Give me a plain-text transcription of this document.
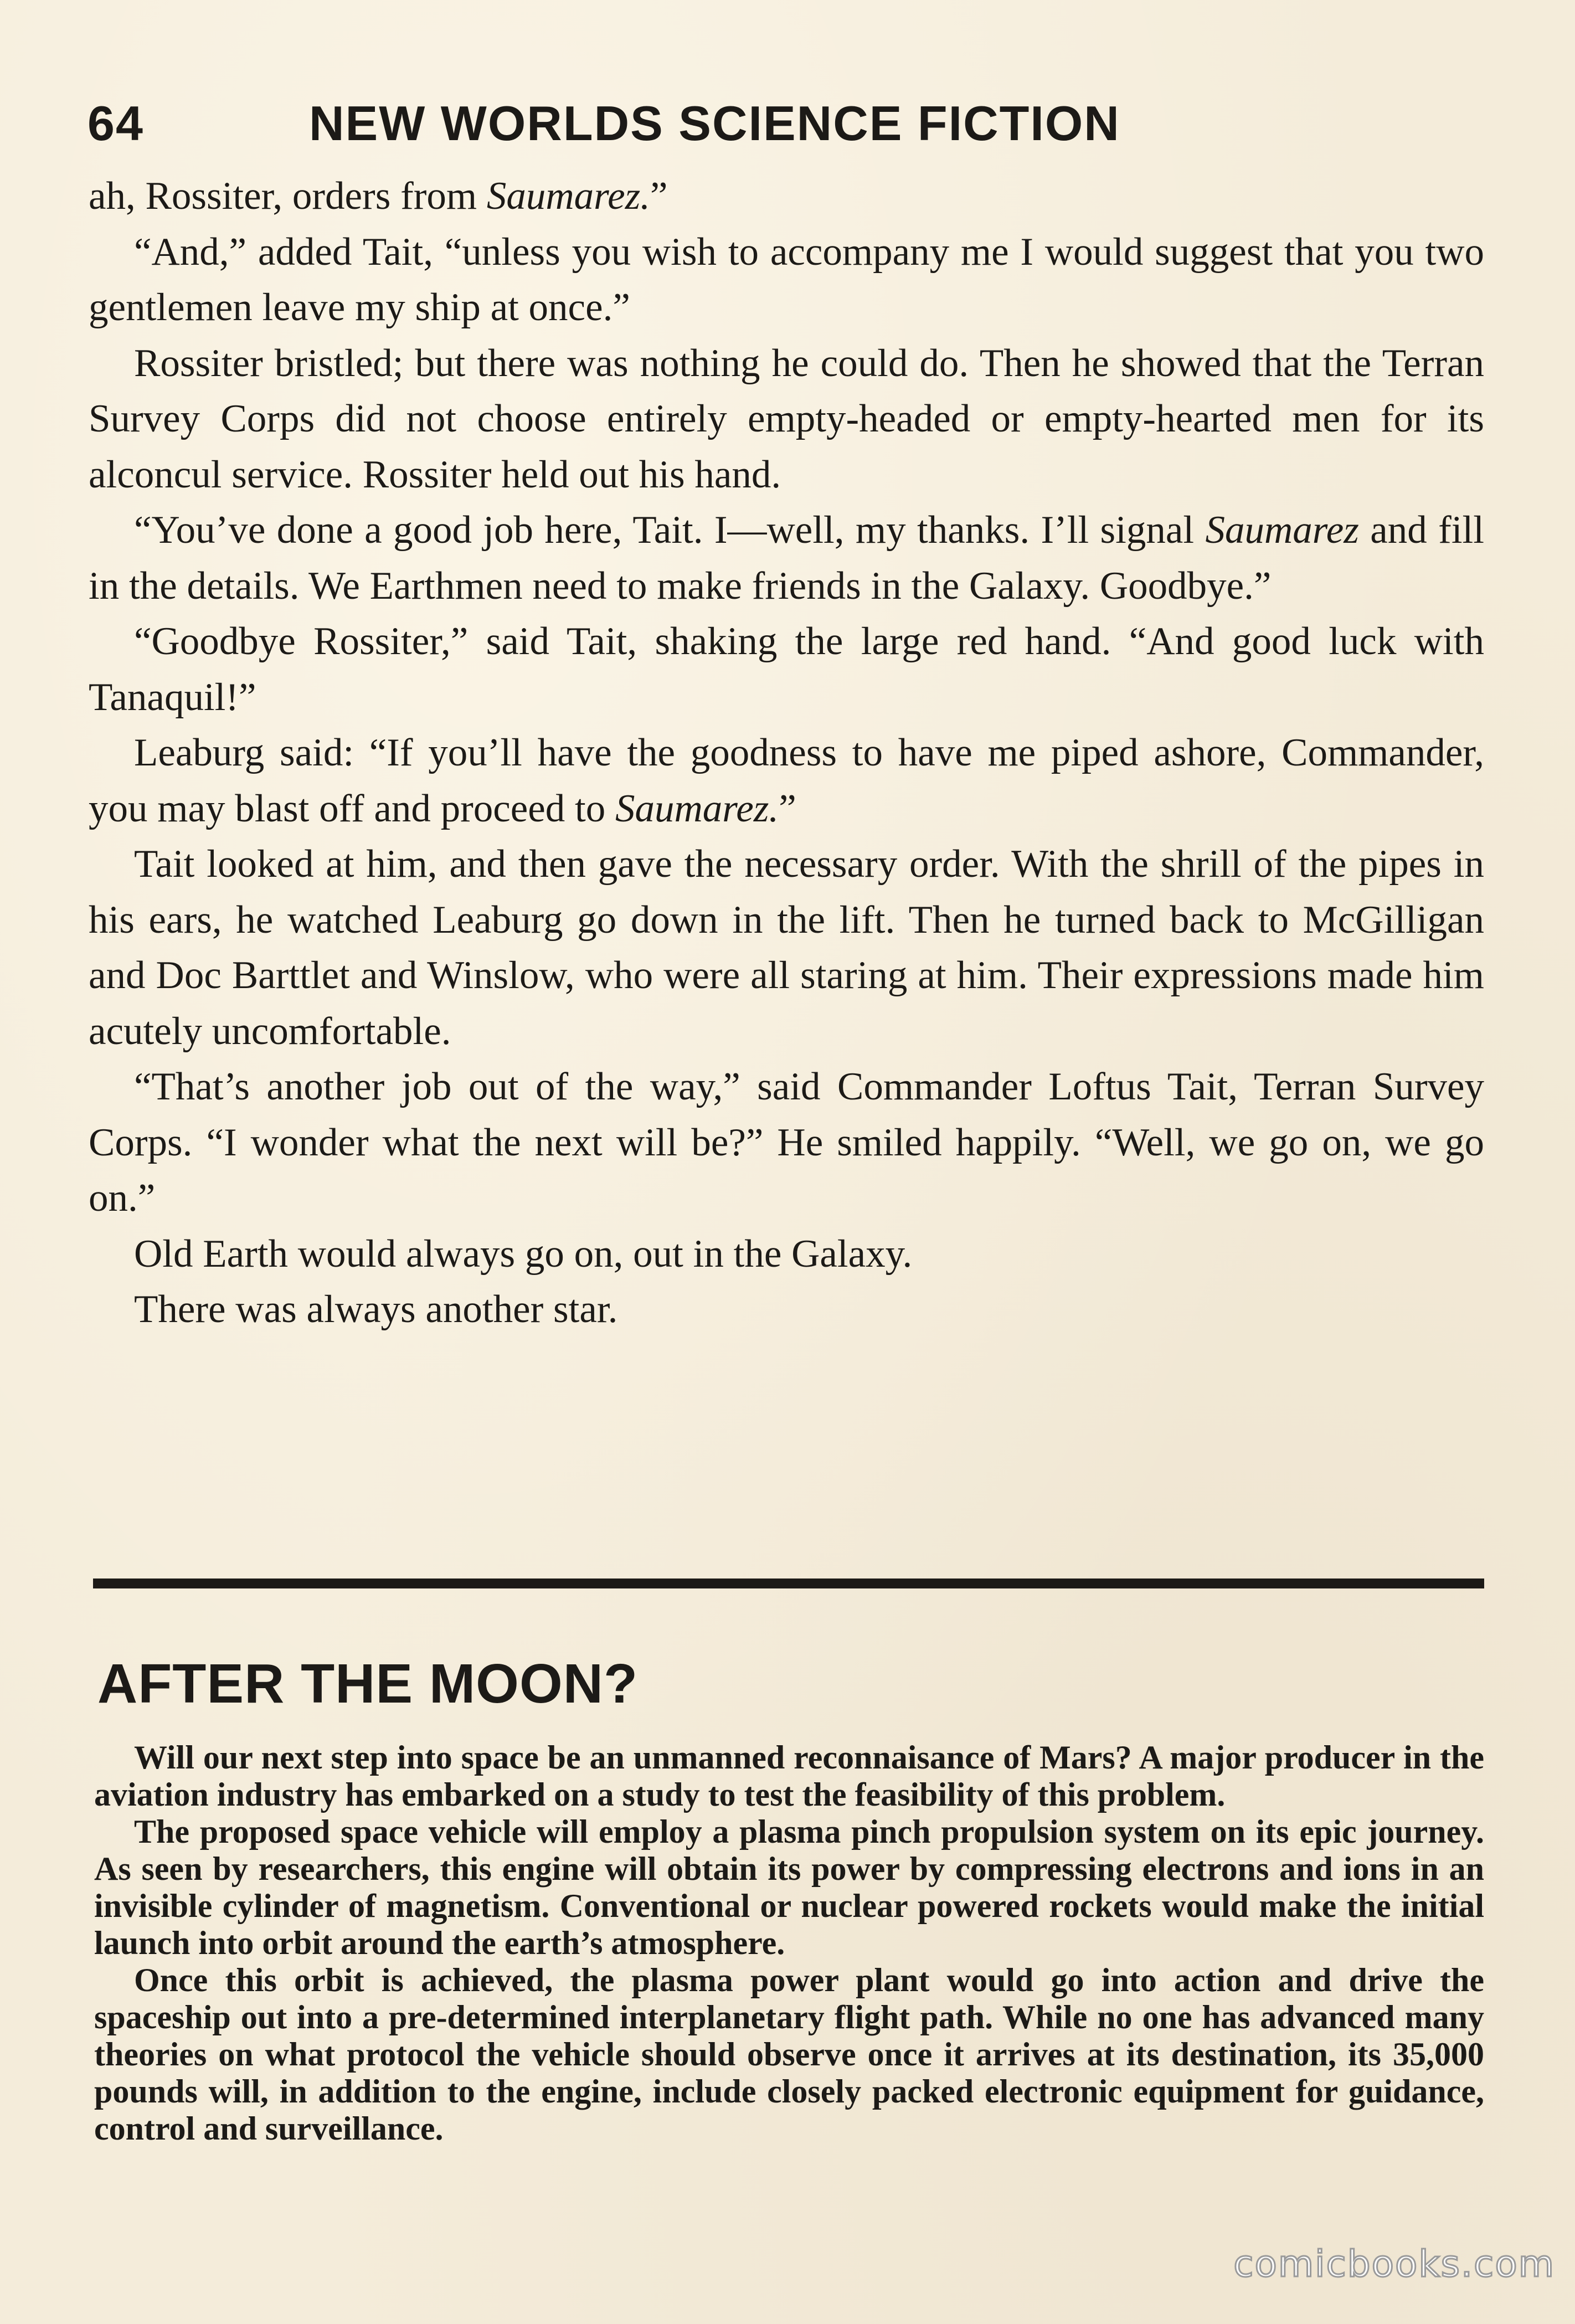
64	NEW WORLDS SCIENCE FICTION

ah, Rossiter, orders from Saumarez.”

“And,” added Tait, “unless you wish to accompany me I would suggest that you two gentlemen leave my ship at once.”

Rossiter bristled; but there was nothing he could do. Then he showed that the Terran Survey Corps did not choose entirely empty-headed or empty-hearted men for its alconcul service. Rossiter held out his hand.

“You’ve done a good job here, Tait. I—well, my thanks. I’ll signal Saumarez and fill in the details. We Earthmen need to make friends in the Galaxy. Goodbye.”

“Goodbye Rossiter,” said Tait, shaking the large red hand. “And good luck with Tanaquil!”

Leaburg said: “If you’ll have the goodness to have me piped ashore, Commander, you may blast off and proceed to Saumarez.”

Tait looked at him, and then gave the necessary order. With the shrill of the pipes in his ears, he watched Leaburg go down in the lift. Then he turned back to McGilligan and Doc Barttlet and Winslow, who were all staring at him. Their expressions made him acutely uncomfortable.

“That’s another job out of the way,” said Commander Loftus Tait, Terran Survey Corps. “I wonder what the next will be?” He smiled happily. “Well, we go on, we go on.”

Old Earth would always go on, out in the Galaxy.

There was always another star.

AFTER THE MOON?

Will our next step into space be an unmanned reconnaisance of Mars? A major producer in the aviation industry has embarked on a study to test the feasibility of this problem.

The proposed space vehicle will employ a plasma pinch propulsion system on its epic journey. As seen by researchers, this engine will obtain its power by compressing electrons and ions in an invisible cylinder of magnetism. Conventional or nuclear powered rockets would make the initial launch into orbit around the earth’s atmosphere.

Once this orbit is achieved, the plasma power plant would go into action and drive the spaceship out into a pre-determined interplanetary flight path. While no one has advanced many theories on what protocol the vehicle should observe once it arrives at its destination, its 35,000 pounds will, in addition to the engine, include closely packed electronic equipment for guidance, control and surveillance.

comicbooks.com
